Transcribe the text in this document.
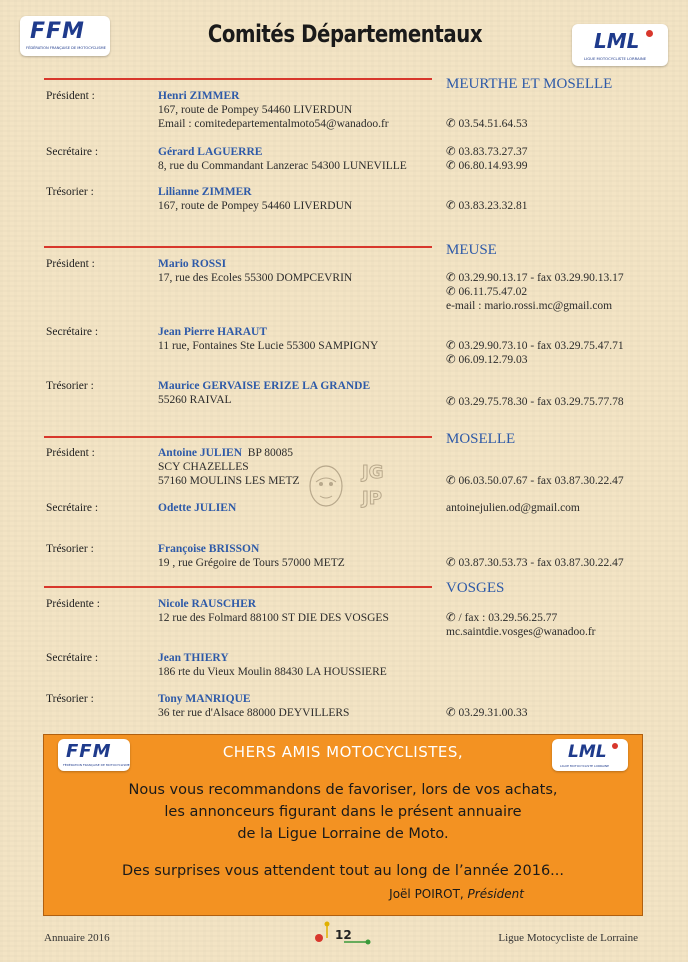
FFM
FÉDÉRATION FRANÇAISE DE MOTOCYCLISME	Comités Départementaux	LML
LIGUE MOTOCYCLISTE LORRAINE
MEURTHE ET MOSELLE
Président :	Henri ZIMMER
167, route de Pompey 54460 LIVERDUN
Email : comitedepartementalmoto54@wanadoo.fr	✆ 03.54.51.64.53
Secrétaire :	Gérard LAGUERRE
8, rue du Commandant Lanzerac 54300 LUNEVILLE
✆ 03.83.73.27.37
✆ 06.80.14.93.99
Trésorier :	Lilianne ZIMMER
167, route de Pompey 54460 LIVERDUN	✆ 03.83.23.32.81
MEUSE
Président :	Mario ROSSI
17, rue des Ecoles 55300 DOMPCEVRIN	✆ 03.29.90.13.17 - fax 03.29.90.13.17
✆ 06.11.75.47.02
e-mail : mario.rossi.mc@gmail.com
Secrétaire :	Jean Pierre HARAUT
11 rue, Fontaines Ste Lucie 55300 SAMPIGNY	✆ 03.29.90.73.10 - fax 03.29.75.47.71
✆ 06.09.12.79.03
Trésorier :	Maurice GERVAISE ERIZE LA GRANDE
55260 RAIVAL	✆ 03.29.75.78.30 - fax 03.29.75.77.78
MOSELLE
Président :	Antoine JULIEN BP 80085
SCY CHAZELLES
57160 MOULINS LES METZ	✆ 06.03.50.07.67 - fax 03.87.30.22.47
JG
JP
Secrétaire :	Odette JULIEN	antoinejulien.od@gmail.com
Trésorier :	Françoise BRISSON
19 , rue Grégoire de Tours 57000 METZ	✆ 03.87.30.53.73 - fax 03.87.30.22.47
VOSGES
Présidente :	Nicole RAUSCHER
12 rue des Folmard 88100 ST DIE DES VOSGES	✆ / fax : 03.29.56.25.77
mc.saintdie.vosges@wanadoo.fr
Secrétaire :	Jean THIERY
186 rte du Vieux Moulin 88430 LA HOUSSIERE
Trésorier :	Tony MANRIQUE
36 ter rue d'Alsace 88000 DEYVILLERS	✆ 03.29.31.00.33
FFM
FÉDÉRATION FRANÇAISE DE MOTOCYCLISME
LML
LIGUE MOTOCYCLISTE LORRAINE
CHERS AMIS MOTOCYCLISTES,
Nous vous recommandons de favoriser, lors de vos achats,
les annonceurs figurant dans le présent annuaire
de la Ligue Lorraine de Moto.
Des surprises vous attendent tout au long de l’année 2016...
Joël POIROT, Président
Annuaire 2016	12	Ligue Motocycliste de Lorraine
